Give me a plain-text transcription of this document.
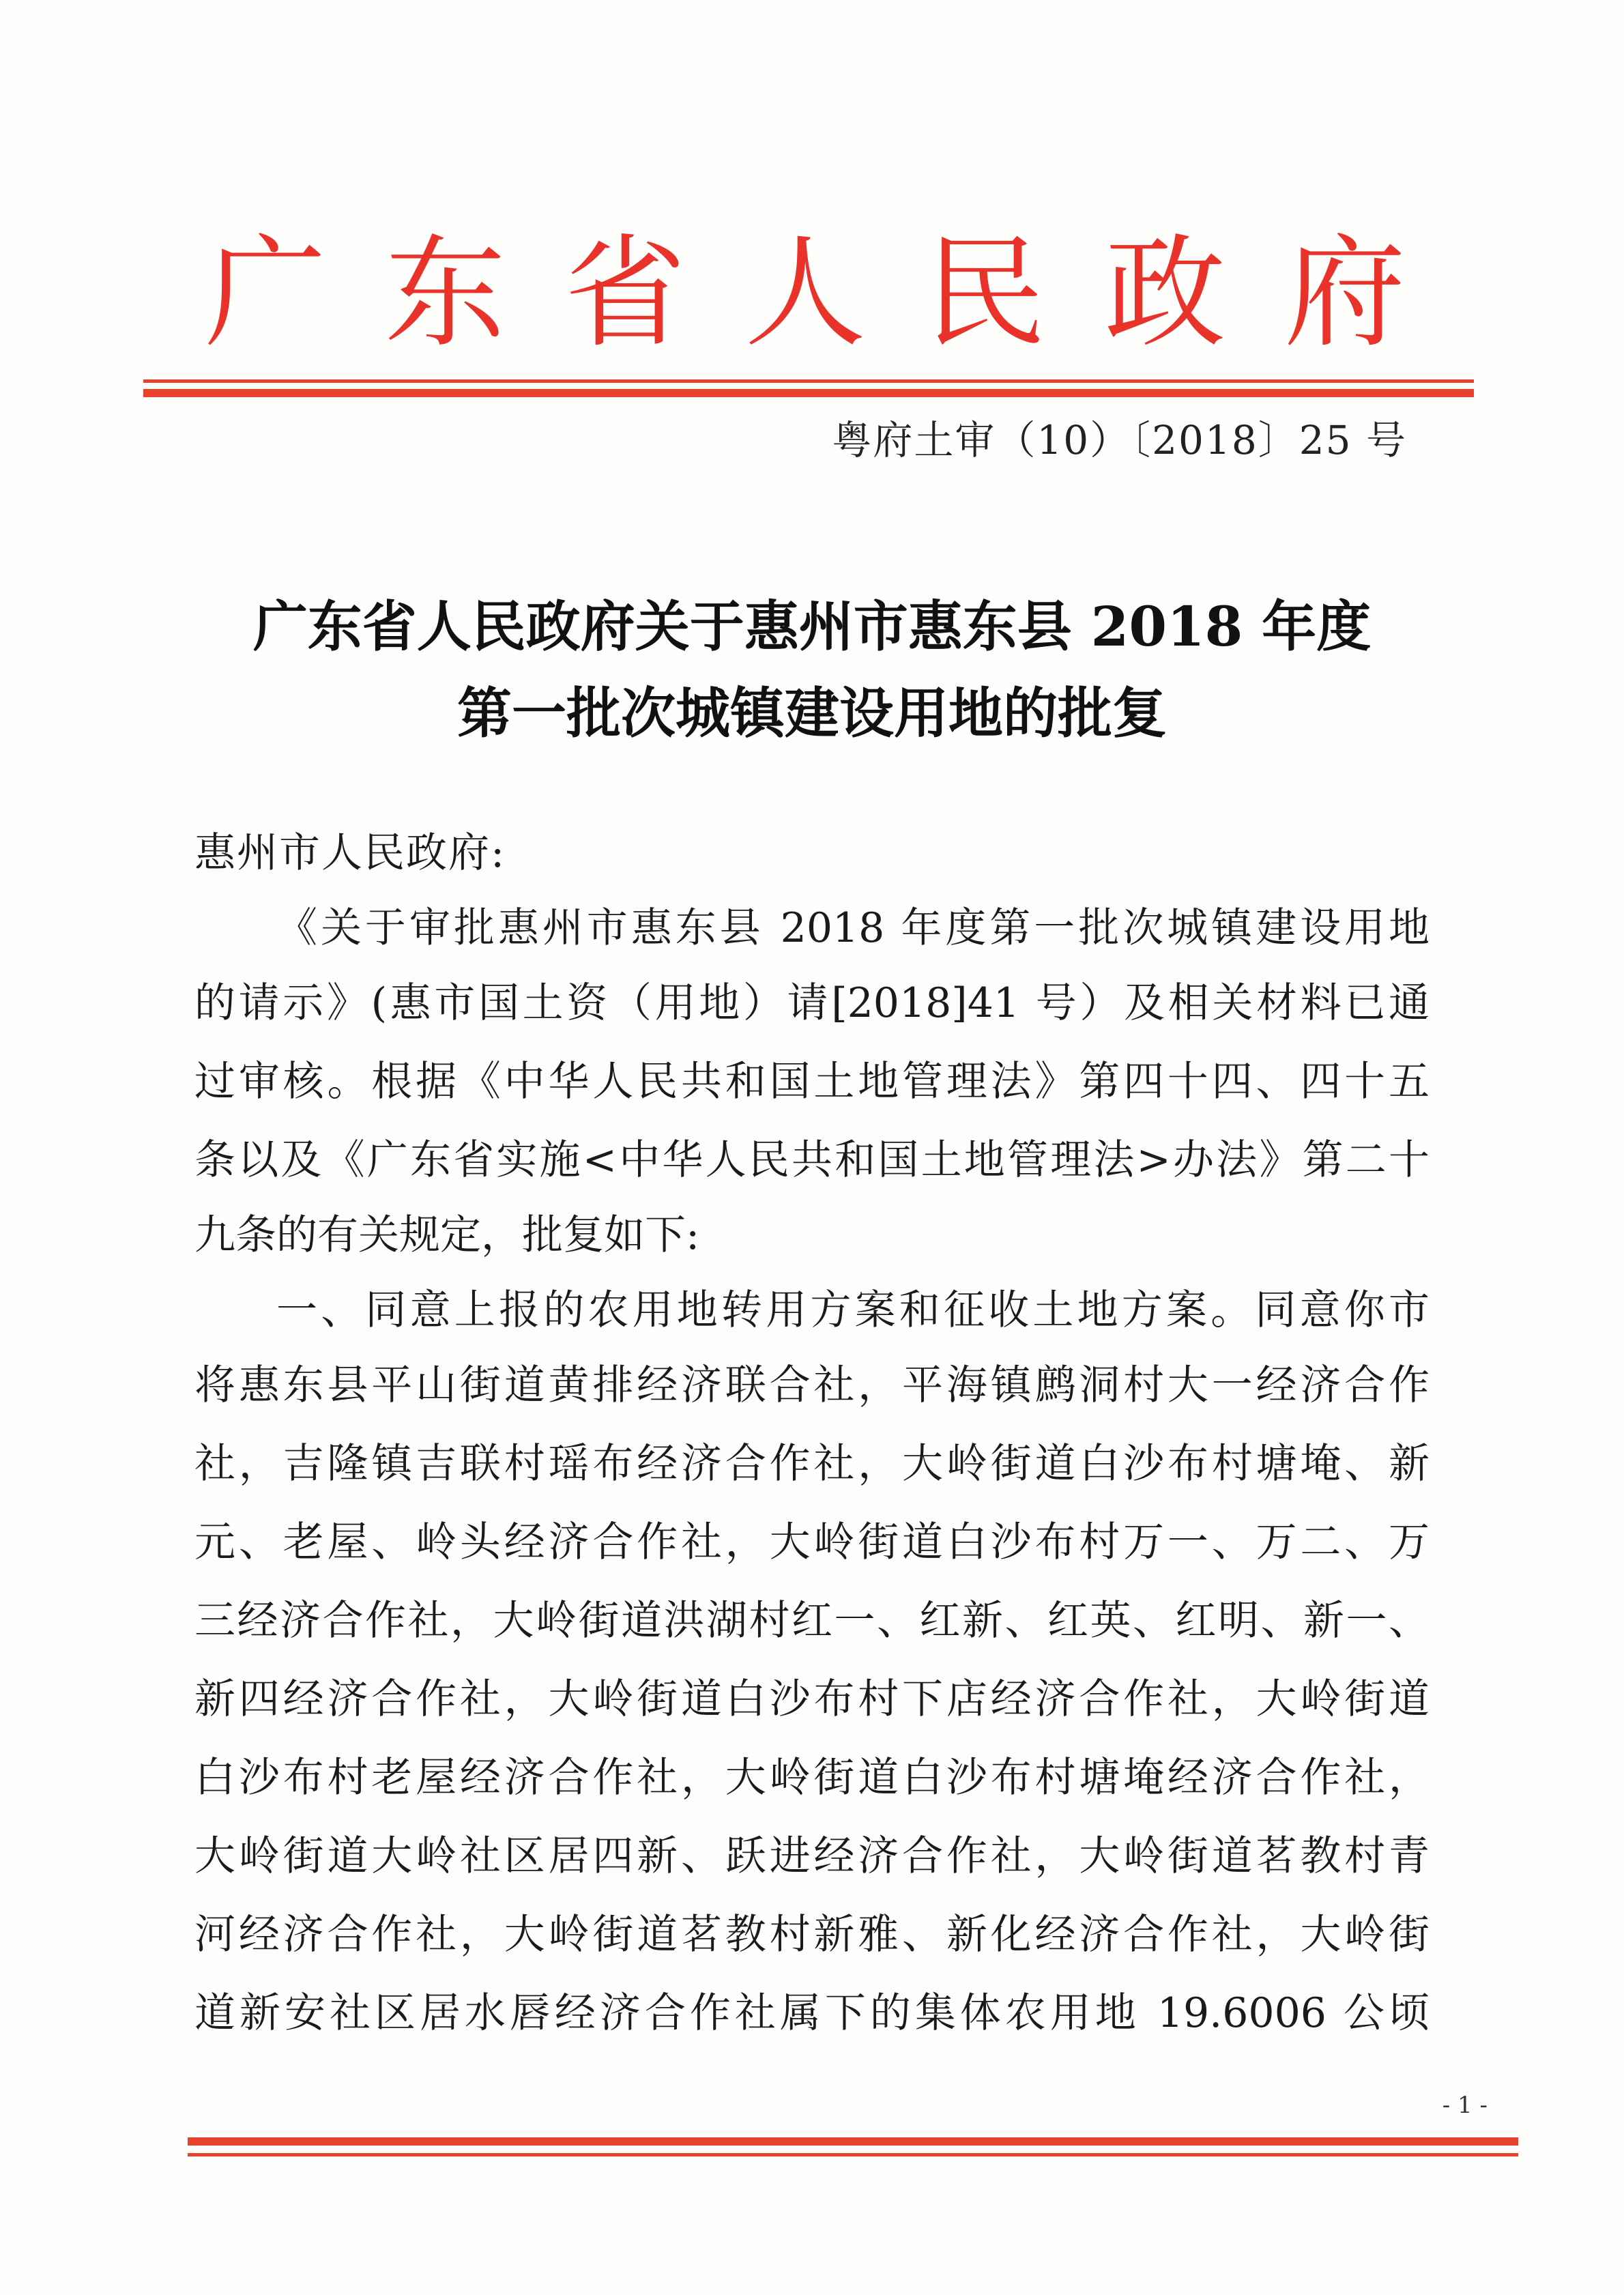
广 东 省 人 民 政 府
粤府土审（10）〔2018〕25 号
广东省人民政府关于惠州市惠东县 2018 年度
第一批次城镇建设用地的批复
惠州市人民政府:
《关于审批惠州市惠东县 2018 年度第一批次城镇建设用地
的请示》(惠市国土资（用地）请[2018]41 号）及相关材料已通
过审核。根据《中华人民共和国土地管理法》第四十四、四十五
条以及《广东省实施<中华人民共和国土地管理法>办法》第二十
九条的有关规定，批复如下:
一、同意上报的农用地转用方案和征收土地方案。同意你市
将惠东县平山街道黄排经济联合社，平海镇鹧洞村大一经济合作
社，吉隆镇吉联村瑶布经济合作社，大岭街道白沙布村塘埯、新
元、老屋、岭头经济合作社，大岭街道白沙布村万一、万二、万
三经济合作社，大岭街道洪湖村红一、红新、红英、红明、新一、
新四经济合作社，大岭街道白沙布村下店经济合作社，大岭街道
白沙布村老屋经济合作社，大岭街道白沙布村塘埯经济合作社，
大岭街道大岭社区居四新、跃进经济合作社，大岭街道茗教村青
河经济合作社，大岭街道茗教村新雅、新化经济合作社，大岭街
道新安社区居水唇经济合作社属下的集体农用地 19.6006 公顷
- 1 -
